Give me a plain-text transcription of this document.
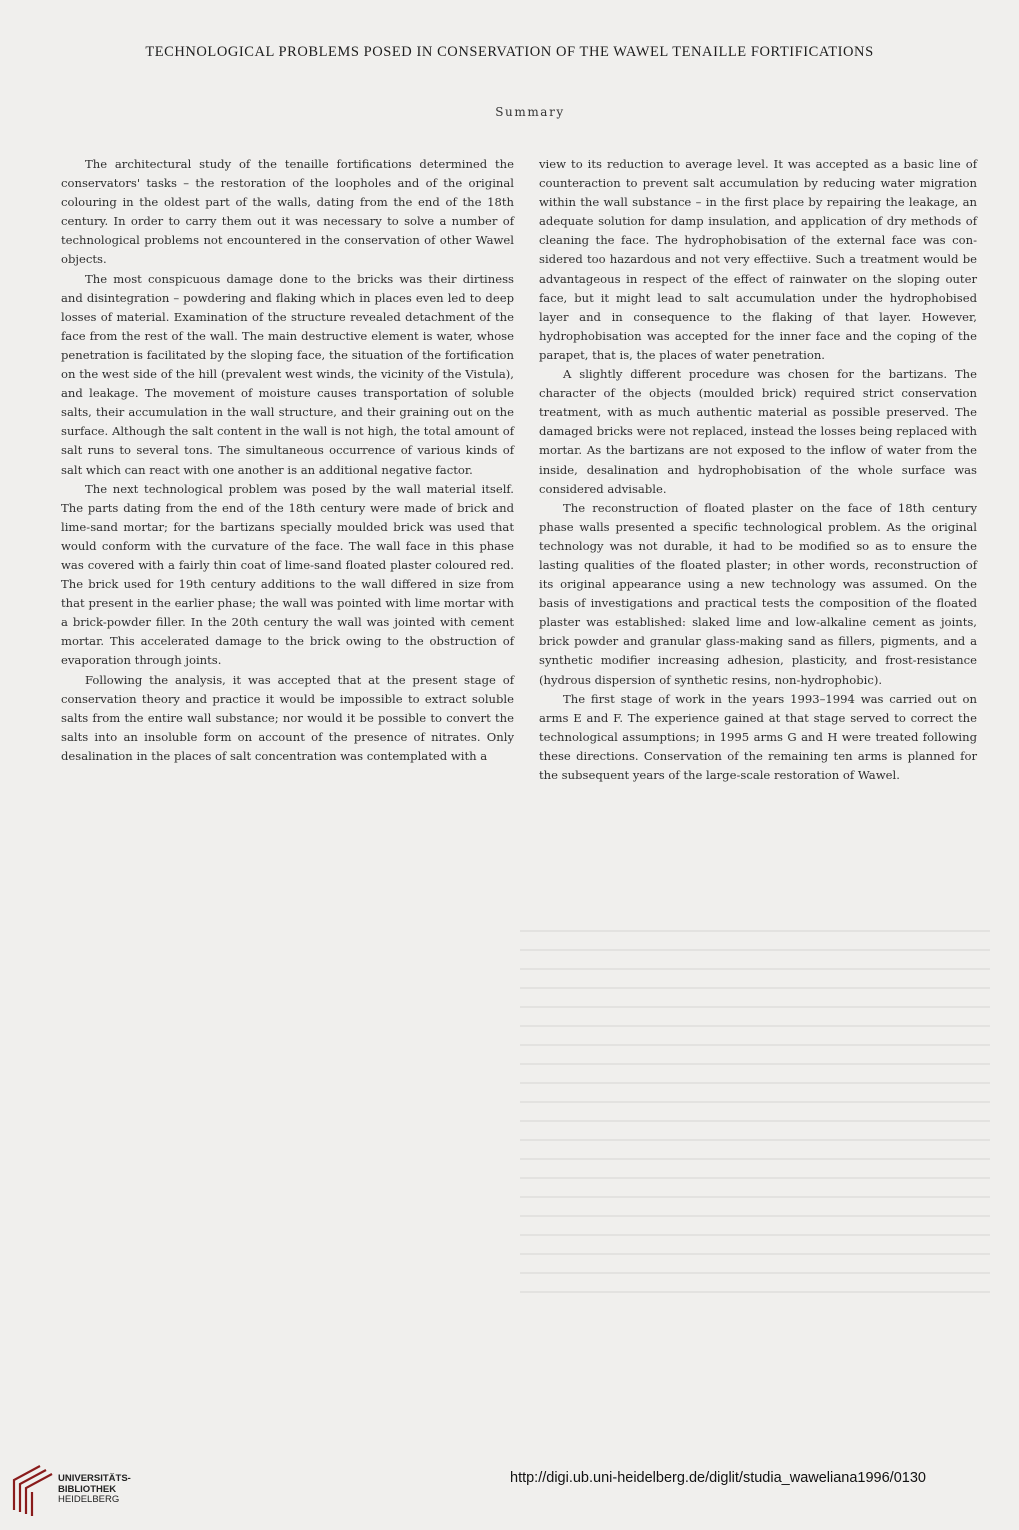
TECHNOLOGICAL PROBLEMS POSED IN CONSERVATION OF THE WAWEL TENAILLE FORTIFICATIONS
Summary

The architectural study of the tenaille fortifications determined the conservators' tasks – the restoration of the loopholes and of the original colouring in the oldest part of the walls, dating from the end of the 18th century. In order to carry them out it was necessary to solve a number of technological problems not encountered in the conservation of other Wawel objects.

The most conspicuous damage done to the bricks was their dirtiness and disintegration – powdering and flaking which in places even led to deep losses of material. Examination of the structure revealed detachment of the face from the rest of the wall. The main destructive element is water, whose penetration is facilitated by the sloping face, the situation of the fortification on the west side of the hill (prevalent west winds, the vicinity of the Vistula), and leakage. The movement of moisture causes transportation of soluble salts, their accumulation in the wall structure, and their graining out on the surface. Although the salt content in the wall is not high, the total amount of salt runs to several tons. The simultaneous occurrence of various kinds of salt which can react with one another is an additional negative factor.

The next technological problem was posed by the wall material itself. The parts dating from the end of the 18th century were made of brick and lime-sand mortar; for the bartizans specially moulded brick was used that would conform with the curvature of the face. The wall face in this phase was covered with a fairly thin coat of lime-sand floated plaster coloured red. The brick used for 19th century additions to the wall differed in size from that present in the earlier phase; the wall was pointed with lime mortar with a brick-powder filler. In the 20th century the wall was jointed with cement mortar. This accelerated damage to the brick owing to the obstruction of evaporation through joints.

Following the analysis, it was accepted that at the present stage of conservation theory and practice it would be impossible to extract soluble salts from the entire wall substance; nor would it be possible to convert the salts into an insoluble form on account of the presence of nitrates. Only desalination in the places of salt concentration was contemplated with a

view to its reduction to average level. It was accepted as a basic line of counteraction to prevent salt accumulation by reducing water migration within the wall substance – in the first place by repairing the leakage, an adequate solution for damp insulation, and application of dry methods of cleaning the face. The hydrophobisation of the external face was considered too hazardous and not very effectiive. Such a treatment would be advantageous in respect of the effect of rainwater on the sloping outer face, but it might lead to salt accumulation under the hydrophobised layer and in consequence to the flaking of that layer. However, hydrophobisation was accepted for the inner face and the coping of the parapet, that is, the places of water penetration.

A slightly different procedure was chosen for the bartizans. The character of the objects (moulded brick) required strict conservation treatment, with as much authentic material as possible preserved. The damaged bricks were not replaced, instead the losses being replaced with mortar. As the bartizans are not exposed to the inflow of water from the inside, desalination and hydrophobisation of the whole surface was considered advisable.

The reconstruction of floated plaster on the face of 18th century phase walls presented a specific technological problem. As the original technology was not durable, it had to be modified so as to ensure the lasting qualities of the floated plaster; in other words, reconstruction of its original appearance using a new technology was assumed. On the basis of investigations and practical tests the composition of the floated plaster was established: slaked lime and low-alkaline cement as joints, brick powder and granular glass-making sand as fillers, pigments, and a synthetic modifier increasing adhesion, plasticity, and frost-resistance (hydrous dispersion of synthetic resins, non-hydrophobic).

The first stage of work in the years 1993–1994 was carried out on arms E and F. The experience gained at that stage served to correct the technological assumptions; in 1995 arms G and H were treated following these directions. Conservation of the remaining ten arms is planned for the subsequent years of the large-scale restoration of Wawel.

UNIVERSITÄTS-
BIBLIOTHEK
HEIDELBERG
http://digi.ub.uni-heidelberg.de/diglit/studia_waweliana1996/0130
